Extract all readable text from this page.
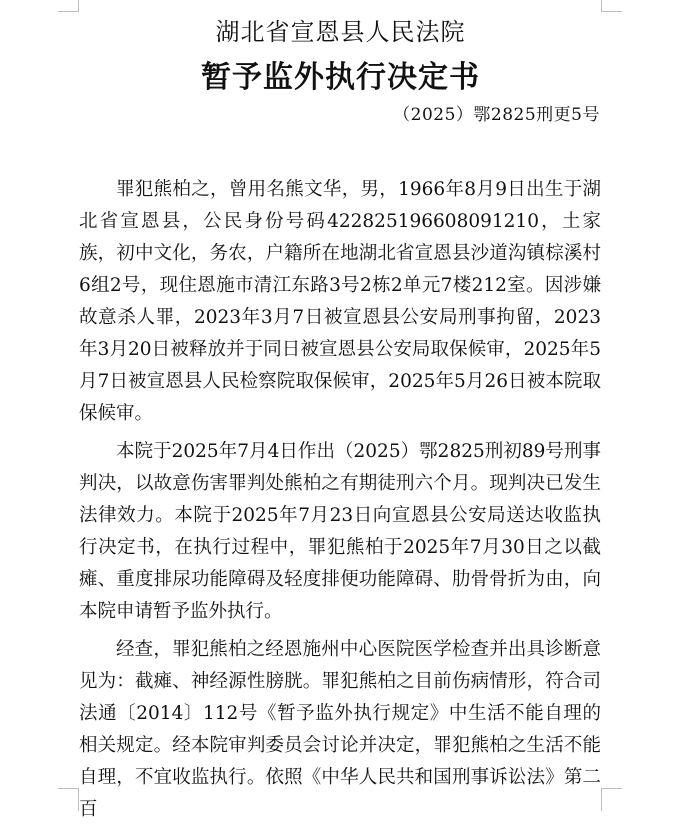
湖北省宣恩县人民法院
暂予监外执行决定书
（2025）鄂2825刑更5号

罪犯熊柏之，曾用名熊文华，男，1966年8月9日出生于湖北省宣恩县，公民身份号码422825196608091210，土家族，初中文化，务农，户籍所在地湖北省宣恩县沙道沟镇棕溪村6组2号，现住恩施市清江东路3号2栋2单元7楼212室。因涉嫌故意杀人罪，2023年3月7日被宣恩县公安局刑事拘留，2023年3月20日被释放并于同日被宣恩县公安局取保候审，2025年5月7日被宣恩县人民检察院取保候审，2025年5月26日被本院取保候审。

本院于2025年7月4日作出（2025）鄂2825刑初89号刑事判决，以故意伤害罪判处熊柏之有期徒刑六个月。现判决已发生法律效力。本院于2025年7月23日向宣恩县公安局送达收监执行决定书，在执行过程中，罪犯熊柏于2025年7月30日之以截瘫、重度排尿功能障碍及轻度排便功能障碍、肋骨骨折为由，向本院申请暂予监外执行。

经查，罪犯熊柏之经恩施州中心医院医学检查并出具诊断意见为：截瘫、神经源性膀胱。罪犯熊柏之目前伤病情形，符合司法通〔2014〕112号《暂予监外执行规定》中生活不能自理的相关规定。经本院审判委员会讨论并决定，罪犯熊柏之生活不能自理，不宜收监执行。依照《中华人民共和国刑事诉讼法》第二百
